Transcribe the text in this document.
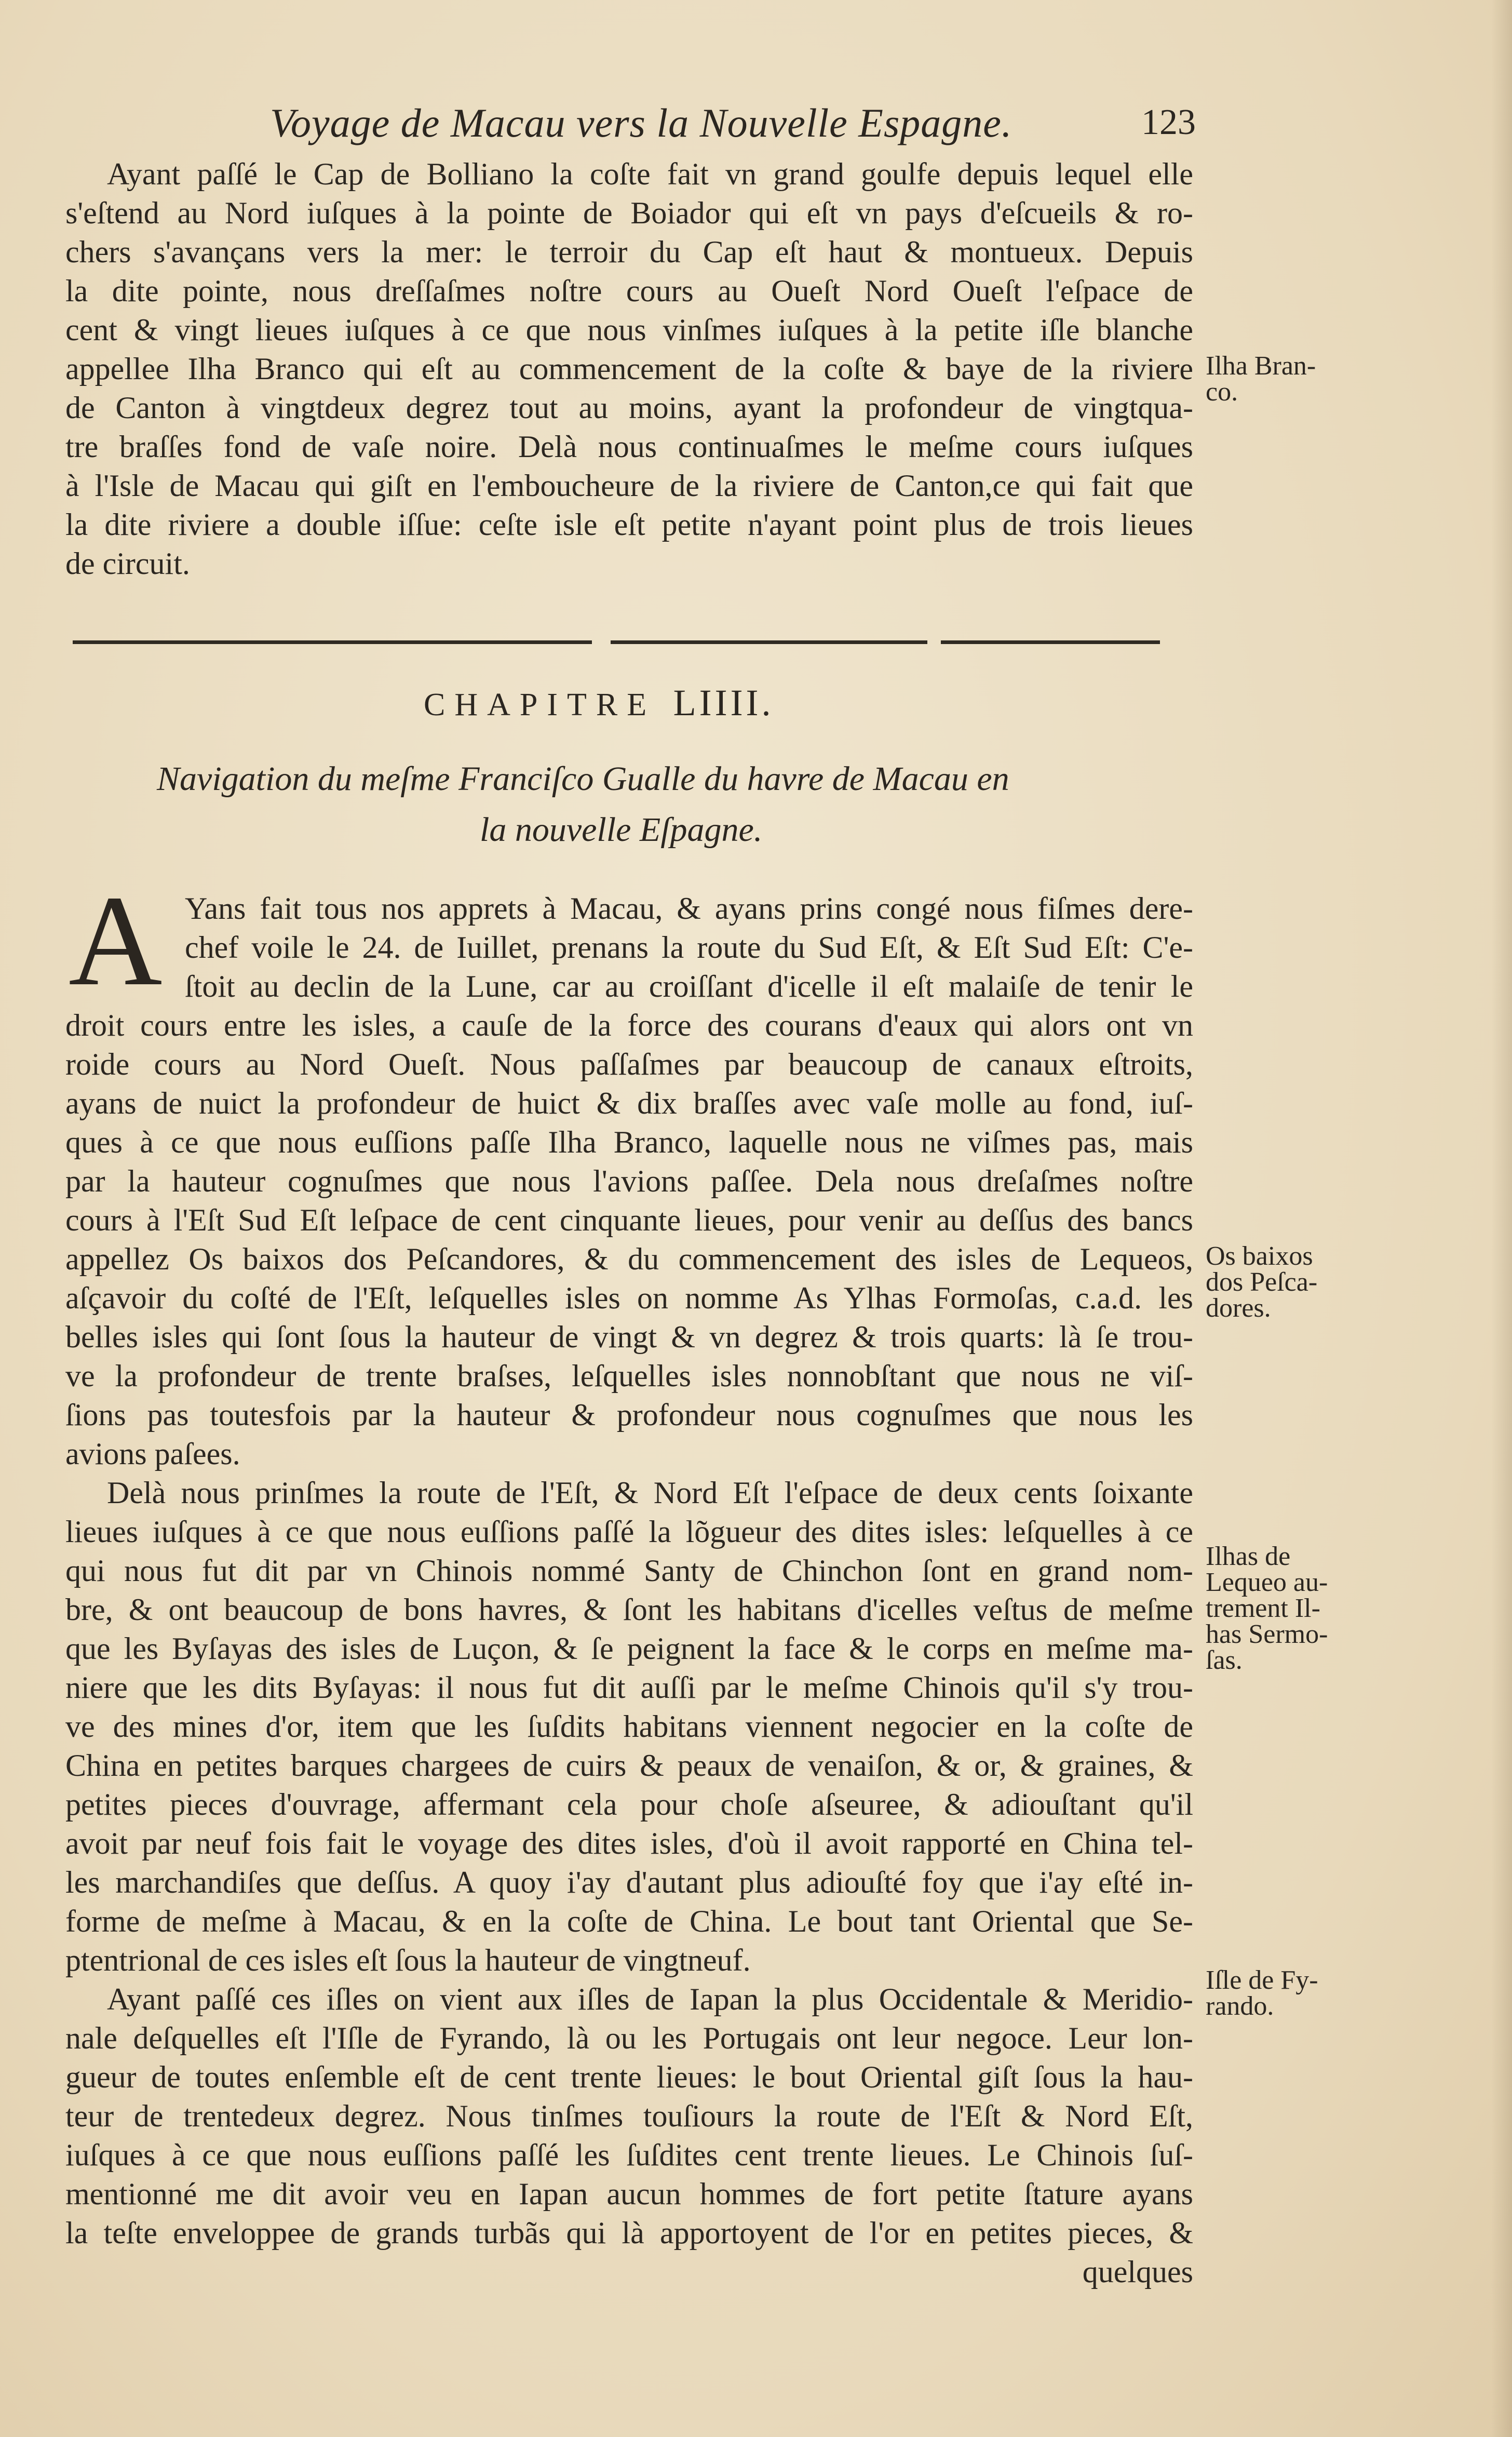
Voyage de Macau vers la Nouvelle Espagne.	123
Ayant paſſé le Cap de Bolliano la coſte fait vn grand goulfe depuis lequel elle
s'eſtend au Nord iuſques à la pointe de Boiador qui eſt vn pays d'eſcueils & ro-
chers s'avançans vers la mer: le terroir du Cap eſt haut & montueux. Depuis
la dite pointe, nous dreſſaſmes noſtre cours au Oueſt Nord Oueſt l'eſpace de
cent & vingt lieues iuſques à ce que nous vinſmes iuſques à la petite iſle blanche
appellee Ilha Branco qui eſt au commencement de la coſte & baye de la riviere
de Canton à vingtdeux degrez tout au moins, ayant la profondeur de vingtqua-
tre braſſes fond de vaſe noire. Delà nous continuaſmes le meſme cours iuſques
à l'Isle de Macau qui giſt en l'emboucheure de la riviere de Canton,ce qui fait que
la dite riviere a double iſſue: ceſte isle eſt petite n'ayant point plus de trois lieues
de circuit.
CHAPITRE LIIII.
Navigation du meſme Franciſco Gualle du havre de Macau en
la nouvelle Eſpagne.
A Yans fait tous nos apprets à Macau, & ayans prins congé nous fiſmes dere-
chef voile le 24. de Iuillet, prenans la route du Sud Eſt, & Eſt Sud Eſt: C'e-
ſtoit au declin de la Lune, car au croiſſant d'icelle il eſt malaiſe de tenir le
droit cours entre les isles, a cauſe de la force des courans d'eaux qui alors ont vn
roide cours au Nord Oueſt. Nous paſſaſmes par beaucoup de canaux eſtroits,
ayans de nuict la profondeur de huict & dix braſſes avec vaſe molle au fond, iuſ-
ques à ce que nous euſſions paſſe Ilha Branco, laquelle nous ne viſmes pas, mais
par la hauteur cognuſmes que nous l'avions paſſee. Dela nous dreſaſmes noſtre
cours à l'Eſt Sud Eſt leſpace de cent cinquante lieues, pour venir au deſſus des bancs
appellez Os baixos dos Peſcandores, & du commencement des isles de Lequeos,
aſçavoir du coſté de l'Eſt, leſquelles isles on nomme As Ylhas Formoſas, c.a.d. les
belles isles qui ſont ſous la hauteur de vingt & vn degrez & trois quarts: là ſe trou-
ve la profondeur de trente braſses, leſquelles isles nonnobſtant que nous ne viſ-
ſions pas toutesfois par la hauteur & profondeur nous cognuſmes que nous les
avions paſees.
Delà nous prinſmes la route de l'Eſt, & Nord Eſt l'eſpace de deux cents ſoixante
lieues iuſques à ce que nous euſſions paſſé la lõgueur des dites isles: leſquelles à ce
qui nous fut dit par vn Chinois nommé Santy de Chinchon ſont en grand nom-
bre, & ont beaucoup de bons havres, & ſont les habitans d'icelles veſtus de meſme
que les Byſayas des isles de Luçon, & ſe peignent la face & le corps en meſme ma-
niere que les dits Byſayas: il nous fut dit auſſi par le meſme Chinois qu'il s'y trou-
ve des mines d'or, item que les ſuſdits habitans viennent negocier en la coſte de
China en petites barques chargees de cuirs & peaux de venaiſon, & or, & graines, &
petites pieces d'ouvrage, affermant cela pour choſe aſseuree, & adiouſtant qu'il
avoit par neuf fois fait le voyage des dites isles, d'où il avoit rapporté en China tel-
les marchandiſes que deſſus. A quoy i'ay d'autant plus adiouſté foy que i'ay eſté in-
forme de meſme à Macau, & en la coſte de China. Le bout tant Oriental que Se-
ptentrional de ces isles eſt ſous la hauteur de vingtneuf.
Ayant paſſé ces iſles on vient aux iſles de Iapan la plus Occidentale & Meridio-
nale deſquelles eſt l'Iſle de Fyrando, là ou les Portugais ont leur negoce. Leur lon-
gueur de toutes enſemble eſt de cent trente lieues: le bout Oriental giſt ſous la hau-
teur de trentedeux degrez. Nous tinſmes touſiours la route de l'Eſt & Nord Eſt,
iuſques à ce que nous euſſions paſſé les ſuſdites cent trente lieues. Le Chinois ſuſ-
mentionné me dit avoir veu en Iapan aucun hommes de fort petite ſtature ayans
la teſte enveloppee de grands turbãs qui là apportoyent de l'or en petites pieces, &
quelques
Ilha Bran-
co.
Os baixos
dos Peſca-
dores.
Ilhas de
Lequeo au-
trement Il-
has Sermo-
ſas.
Iſle de Fy-
rando.
